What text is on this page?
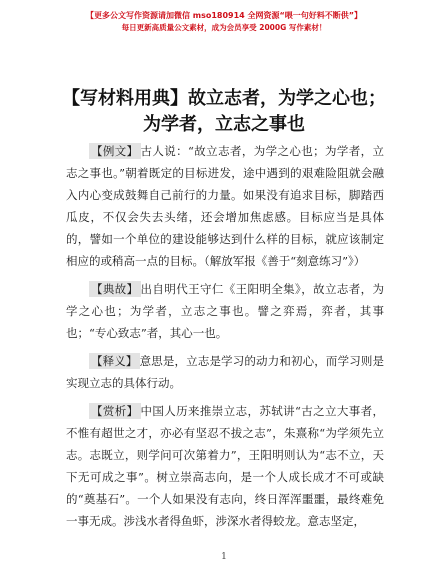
【更多公文写作资源请加微信 mso180914 全网资源“喂一句好料不断供”】
每日更新高质量公文素材，成为会员享受 2000G 写作素材！
【写材料用典】故立志者，为学之心也；为学者，立志之事也

【例文】 古人说：“故立志者，为学之心也；为学者，立志之事也。”朝着既定的目标进发，途中遇到的艰难险阻就会融入内心变成鼓舞自己前行的力量。如果没有追求目标，脚踏西瓜皮，不仅会失去头绪，还会增加焦虑感。目标应当是具体的，譬如一个单位的建设能够达到什么样的目标，就应该制定相应的或稍高一点的目标。（解放军报《善于“刻意练习”》）

【典故】 出自明代王守仁《王阳明全集》，故立志者，为学之心也；为学者，立志之事也。譬之弈焉，弈者，其事也；“专心致志”者，其心一也。

【释义】 意思是，立志是学习的动力和初心，而学习则是实现立志的具体行动。

【赏析】 中国人历来推崇立志，苏轼讲“古之立大事者，不惟有超世之才，亦必有坚忍不拔之志”，朱熹称“为学须先立志。志既立，则学问可次第着力”，王阳明则认为“志不立，天下无可成之事”。树立崇高志向，是一个人成长成才不可或缺的“奠基石”。一个人如果没有志向，终日浑浑噩噩，最终难免一事无成。涉浅水者得鱼虾，涉深水者得蛟龙。意志坚定，

1
